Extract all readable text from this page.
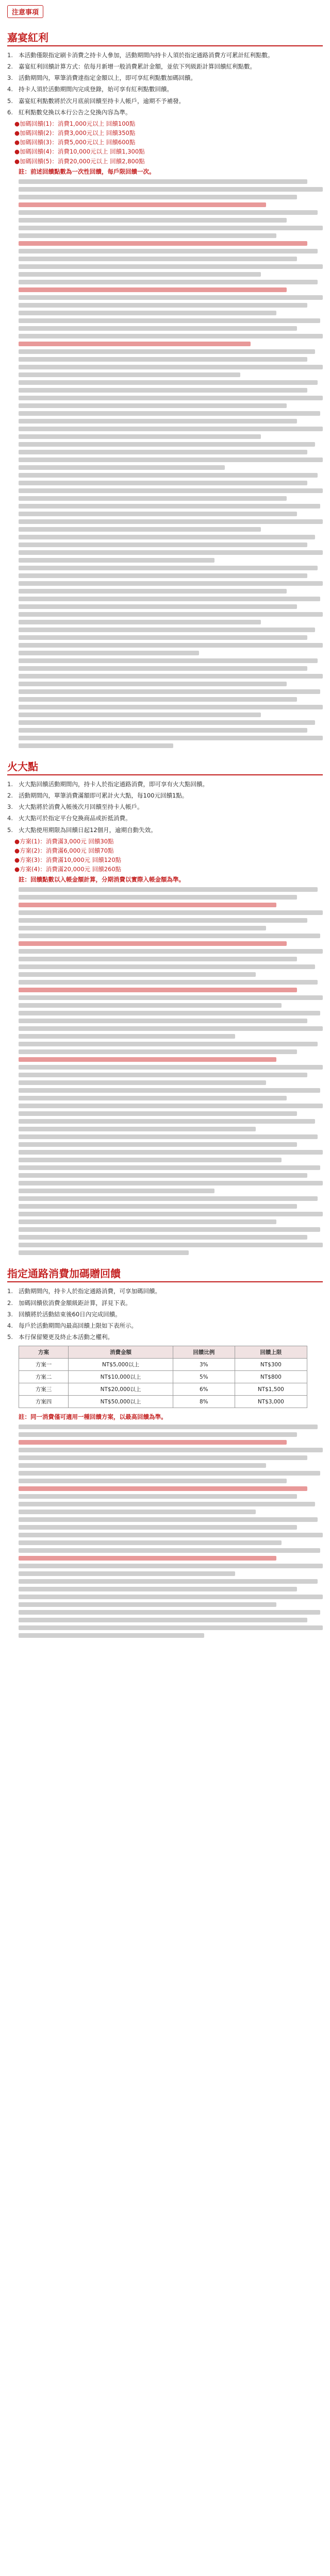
注意事項
嘉宴紅利
本活動僅限指定刷卡消費之持卡人參加，活動期間內持卡人須於指定通路消費方可累計紅利點數。
嘉宴紅利回饋計算方式：依每月新增一般消費累計金額，並依下列級距計算回饋紅利點數。
活動期間內，單筆消費達指定金額以上，即可享紅利點數加碼回饋。
持卡人須於活動期間內完成登錄，始可享有紅利點數回饋。
嘉宴紅利點數將於次月底前回饋至持卡人帳戶，逾期不予補發。
紅利點數兌換以本行公告之兌換內容為準。
●加碼回饋(1)：消費1,000元以上 回饋100點
●加碼回饋(2)：消費3,000元以上 回饋350點
●加碼回饋(3)：消費5,000元以上 回饋600點
●加碼回饋(4)：消費10,000元以上 回饋1,300點
●加碼回饋(5)：消費20,000元以上 回饋2,800點
註：前述回饋點數為一次性回饋，每戶限回饋一次。
火大點
火大點回饋活動期間內，持卡人於指定通路消費，即可享有火大點回饋。
活動期間內，單筆消費滿額即可累計火大點，每100元回饋1點。
火大點將於消費入帳後次月回饋至持卡人帳戶。
火大點可於指定平台兌換商品或折抵消費。
火大點使用期限為回饋日起12個月，逾期自動失效。
●方案(1)：消費滿3,000元 回饋30點
●方案(2)：消費滿6,000元 回饋70點
●方案(3)：消費滿10,000元 回饋120點
●方案(4)：消費滿20,000元 回饋260點
註：回饋點數以入帳金額計算，分期消費以實際入帳金額為準。
指定通路消費加碼贈回饋
活動期間內，持卡人於指定通路消費，可享加碼回饋。
加碼回饋依消費金額級距計算，詳見下表。
回饋將於活動結束後60日內完成回饋。
每戶於活動期間內最高回饋上限如下表所示。
本行保留變更及終止本活動之權利。
方案	消費金額	回饋比例	回饋上限
方案一	NT$5,000以上	3%	NT$300
方案二	NT$10,000以上	5%	NT$800
方案三	NT$20,000以上	6%	NT$1,500
方案四	NT$50,000以上	8%	NT$3,000
註：同一消費僅可適用一種回饋方案，以最高回饋為準。
